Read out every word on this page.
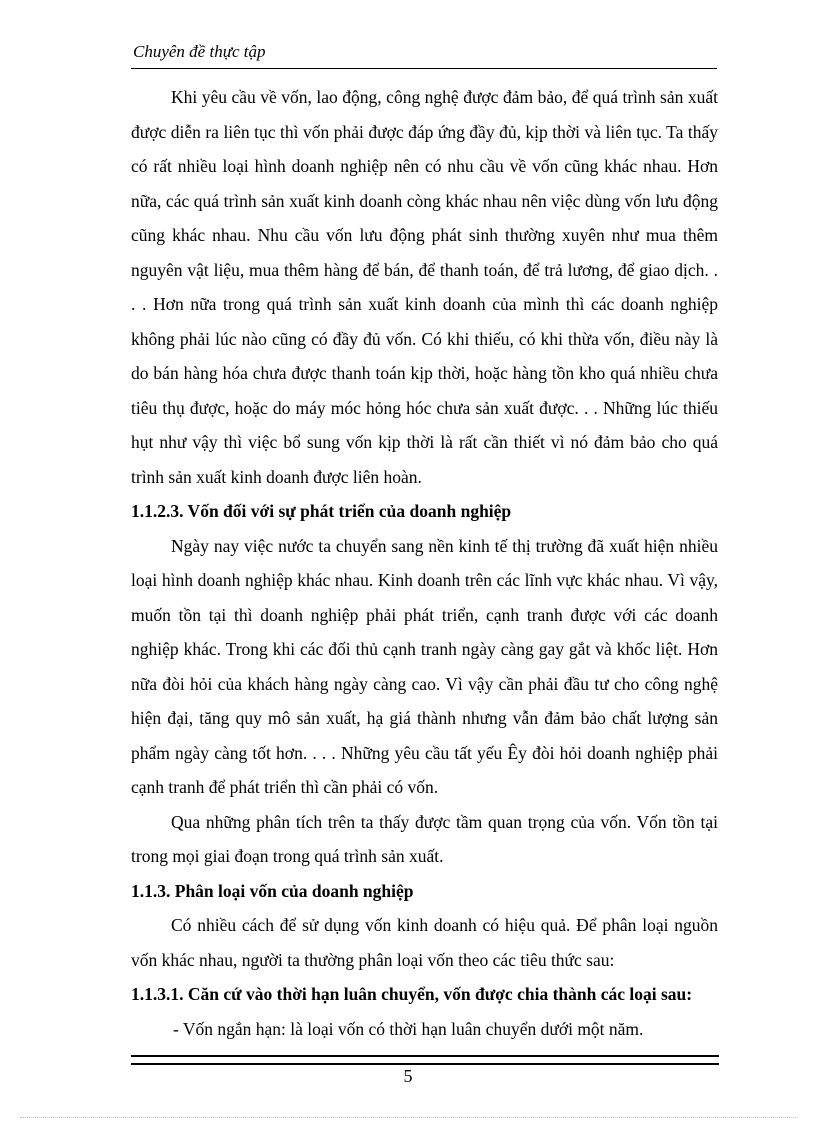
Chuyên đề thực tập

Khi yêu cầu về vốn, lao động, công nghệ được đảm bảo, để quá trình sản xuất được diễn ra liên tục thì vốn phải được đáp ứng đầy đủ, kịp thời và liên tục. Ta thấy có rất nhiều loại hình doanh nghiệp nên có nhu cầu về vốn cũng khác nhau. Hơn nữa, các quá trình sản xuất kinh doanh còng khác nhau nên việc dùng vốn lưu động cũng khác nhau. Nhu cầu vốn lưu động phát sinh thường xuyên như mua thêm nguyên vật liệu, mua thêm hàng để bán, để thanh toán, để trả lương, để giao dịch. . . . Hơn nữa trong quá trình sản xuất kinh doanh của mình thì các doanh nghiệp không phải lúc nào cũng có đầy đủ vốn. Có khi thiếu, có khi thừa vốn, điều này là do bán hàng hóa chưa được thanh toán kịp thời, hoặc hàng tồn kho quá nhiều chưa tiêu thụ được, hoặc do máy móc hỏng hóc chưa sản xuất được. . . Những lúc thiếu hụt như vậy thì việc bổ sung vốn kịp thời là rất cần thiết vì nó đảm bảo cho quá trình sản xuất kinh doanh được liên hoàn.

1.1.2.3. Vốn đối với sự phát triển của doanh nghiệp

Ngày nay việc nước ta chuyển sang nền kinh tế thị trường đã xuất hiện nhiều loại hình doanh nghiệp khác nhau. Kinh doanh trên các lĩnh vực khác nhau. Vì vậy, muốn tồn tại thì doanh nghiệp phải phát triển, cạnh tranh được với các doanh nghiệp khác. Trong khi các đối thủ cạnh tranh ngày càng gay gắt và khốc liệt. Hơn nữa đòi hỏi của khách hàng ngày càng cao. Vì vậy cần phải đầu tư cho công nghệ hiện đại, tăng quy mô sản xuất, hạ giá thành nhưng vẫn đảm bảo chất lượng sản phẩm ngày càng tốt hơn. . . . Những yêu cầu tất yếu Êy đòi hỏi doanh nghiệp phải cạnh tranh để phát triển thì cần phải có vốn.

Qua những phân tích trên ta thấy được tầm quan trọng của vốn. Vốn tồn tại trong mọi giai đoạn trong quá trình sản xuất.

1.1.3. Phân loại vốn của doanh nghiệp

Có nhiều cách để sử dụng vốn kinh doanh có hiệu quả. Để phân loại nguồn vốn khác nhau, người ta thường phân loại vốn theo các tiêu thức sau:

1.1.3.1. Căn cứ vào thời hạn luân chuyển, vốn được chia thành các loại sau:

- Vốn ngắn hạn: là loại vốn có thời hạn luân chuyển dưới một năm.

5
